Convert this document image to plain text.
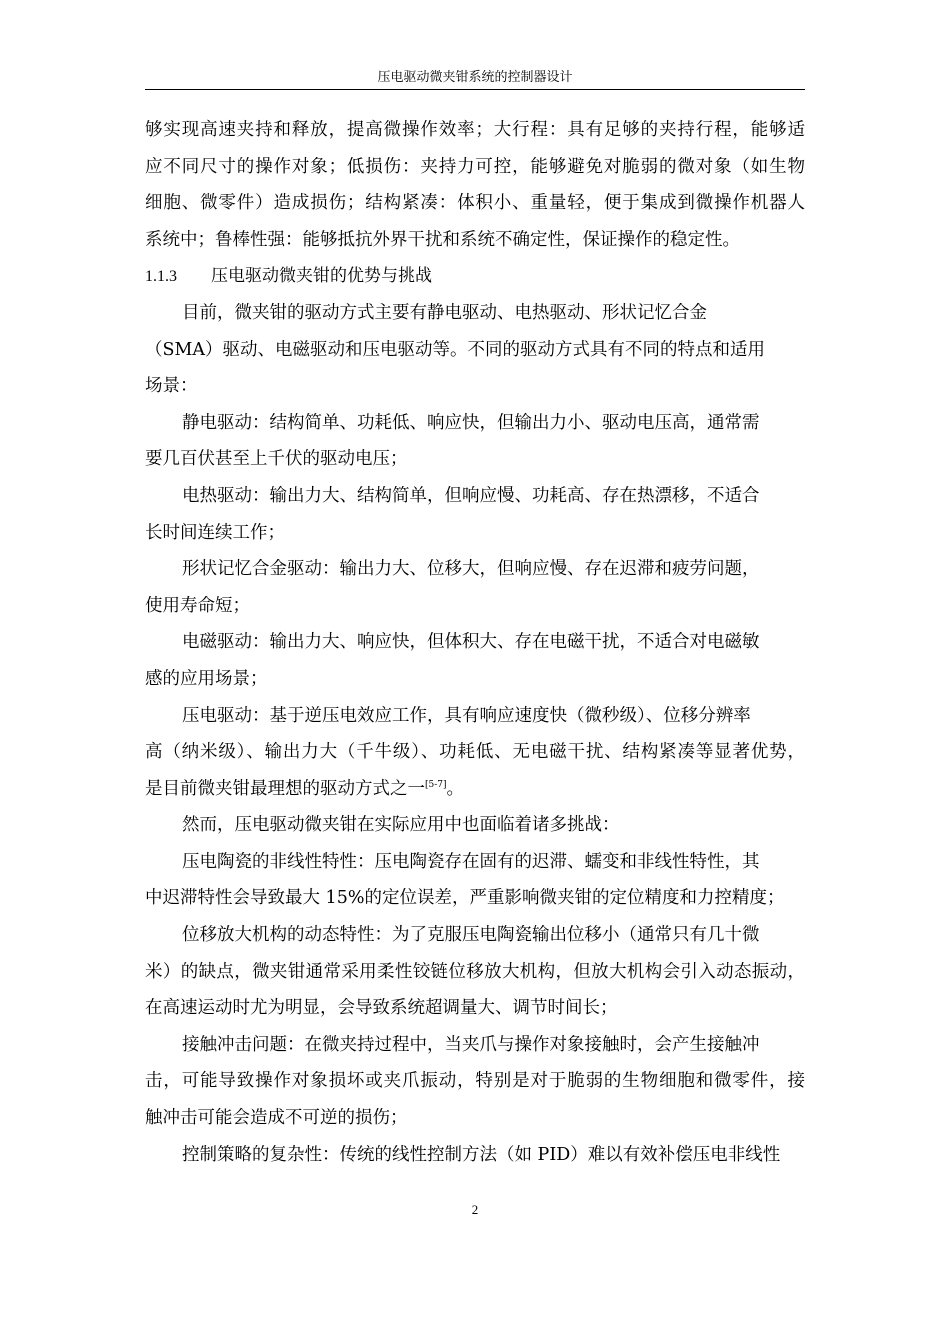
压电驱动微夹钳系统的控制器设计
够实现高速夹持和释放，提高微操作效率；大行程：具有足够的夹持行程，能够适
应不同尺寸的操作对象；低损伤：夹持力可控，能够避免对脆弱的微对象（如生物
细胞、微零件）造成损伤；结构紧凑：体积小、重量轻，便于集成到微操作机器人
系统中；鲁棒性强：能够抵抗外界干扰和系统不确定性，保证操作的稳定性。
1.1.3 压电驱动微夹钳的优势与挑战
目前，微夹钳的驱动方式主要有静电驱动、电热驱动、形状记忆合金
（SMA）驱动、电磁驱动和压电驱动等。不同的驱动方式具有不同的特点和适用
场景：
静电驱动：结构简单、功耗低、响应快，但输出力小、驱动电压高，通常需
要几百伏甚至上千伏的驱动电压；
电热驱动：输出力大、结构简单，但响应慢、功耗高、存在热漂移，不适合
长时间连续工作；
形状记忆合金驱动：输出力大、位移大，但响应慢、存在迟滞和疲劳问题，
使用寿命短；
电磁驱动：输出力大、响应快，但体积大、存在电磁干扰，不适合对电磁敏
感的应用场景；
压电驱动：基于逆压电效应工作，具有响应速度快（微秒级）、位移分辨率
高（纳米级）、输出力大（千牛级）、功耗低、无电磁干扰、结构紧凑等显著优势，
是目前微夹钳最理想的驱动方式之一[5-7]。
然而，压电驱动微夹钳在实际应用中也面临着诸多挑战：
压电陶瓷的非线性特性：压电陶瓷存在固有的迟滞、蠕变和非线性特性，其
中迟滞特性会导致最大 15%的定位误差，严重影响微夹钳的定位精度和力控精度；
位移放大机构的动态特性：为了克服压电陶瓷输出位移小（通常只有几十微
米）的缺点，微夹钳通常采用柔性铰链位移放大机构，但放大机构会引入动态振动，
在高速运动时尤为明显，会导致系统超调量大、调节时间长；
接触冲击问题：在微夹持过程中，当夹爪与操作对象接触时，会产生接触冲
击，可能导致操作对象损坏或夹爪振动，特别是对于脆弱的生物细胞和微零件，接
触冲击可能会造成不可逆的损伤；
控制策略的复杂性：传统的线性控制方法（如 PID）难以有效补偿压电非线性
2
